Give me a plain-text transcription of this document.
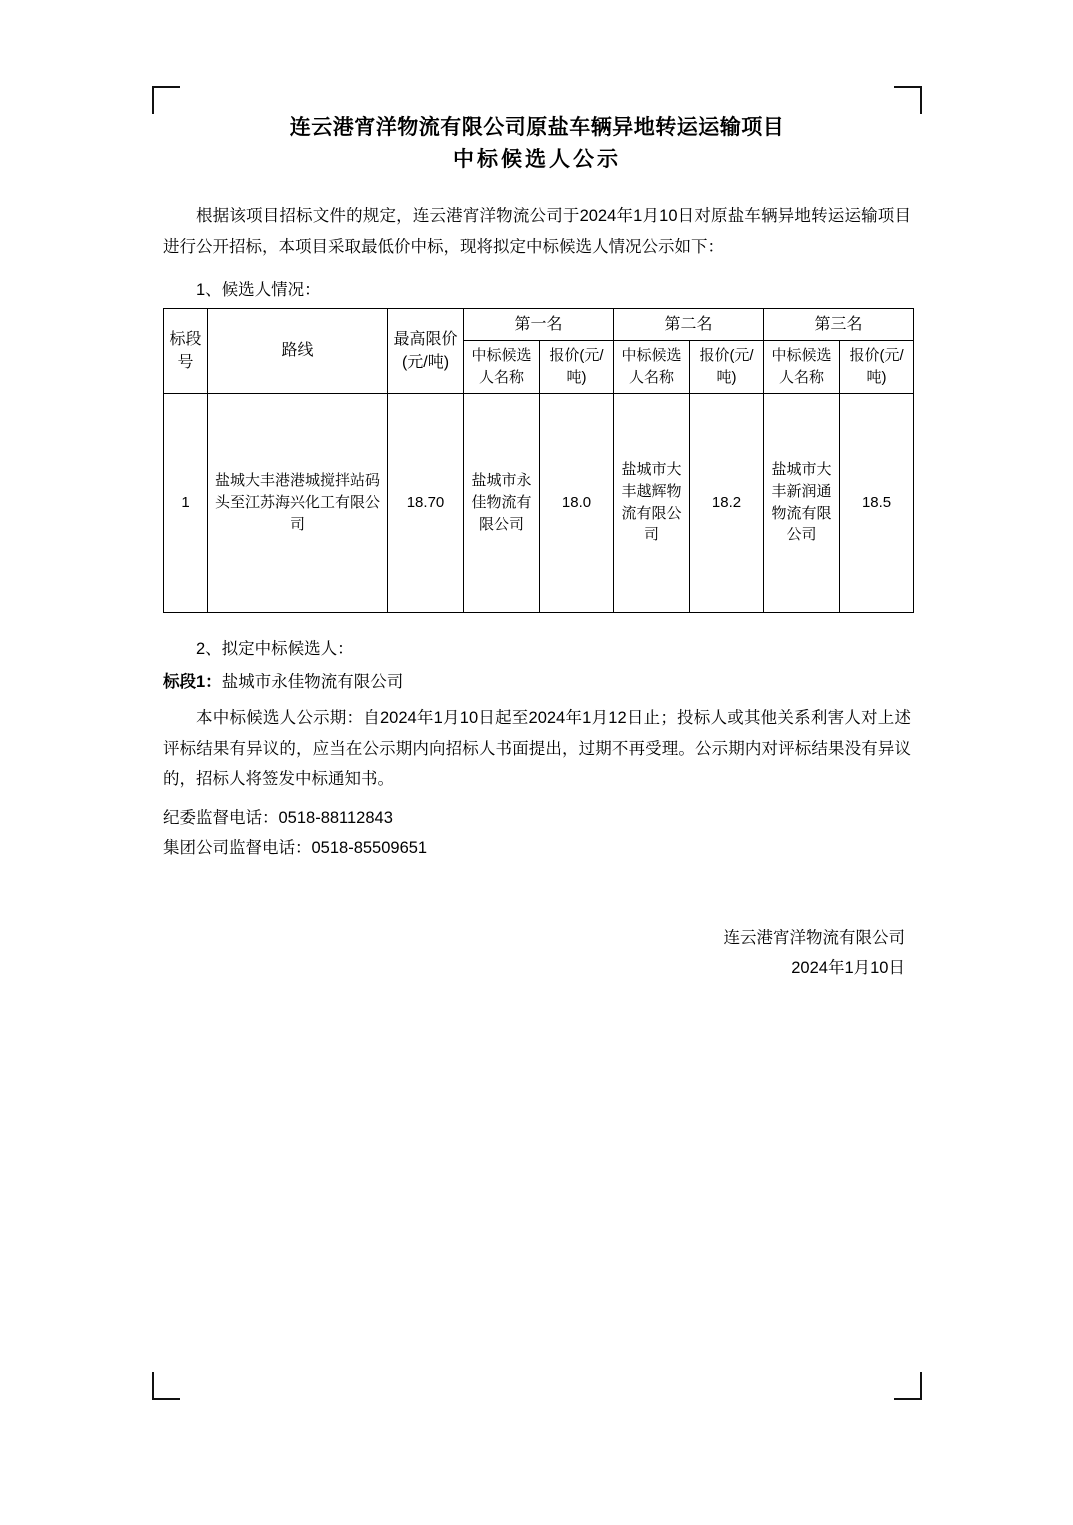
连云港宵洋物流有限公司原盐车辆异地转运运输项目
中标候选人公示

根据该项目招标文件的规定，连云港宵洋物流公司于2024年1月10日对原盐车辆异地转运运输项目进行公开招标，本项目采取最低价中标，现将拟定中标候选人情况公示如下：

1、候选人情况：
标段号	路线	最高限价(元/吨)	第一名		第二名		第三名	
			中标候选人名称	报价(元/吨)	中标候选人名称	报价(元/吨)	中标候选人名称	报价(元/吨)
1	盐城大丰港港城搅拌站码头至江苏海兴化工有限公司	18.70	盐城市永佳物流有限公司	18.0	盐城市大丰越辉物流有限公司	18.2	盐城市大丰新润通物流有限公司	18.5
2、拟定中标候选人：

标段1：盐城市永佳物流有限公司

本中标候选人公示期：自2024年1月10日起至2024年1月12日止；投标人或其他关系利害人对上述评标结果有异议的，应当在公示期内向招标人书面提出，过期不再受理。公示期内对评标结果没有异议的，招标人将签发中标通知书。

纪委监督电话：0518-88112843

集团公司监督电话：0518-85509651

连云港宵洋物流有限公司
2024年1月10日
